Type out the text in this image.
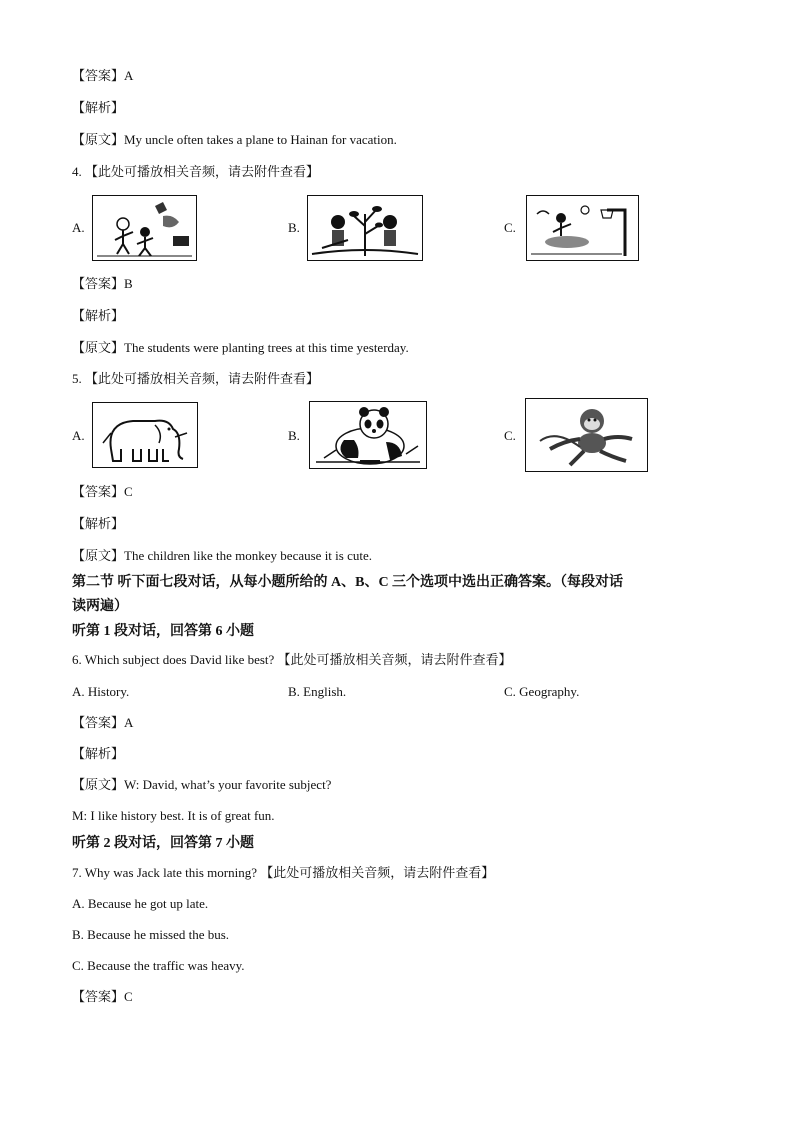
【答案】A
【解析】
【原文】My uncle often takes a plane to Hainan for vacation.
4. 【此处可播放相关音频，请去附件查看】
A.	B.	C.
【答案】B
【解析】
【原文】The students were planting trees at this time yesterday.
5. 【此处可播放相关音频，请去附件查看】
A.	B.	C.
【答案】C
【解析】
【原文】The children like the monkey because it is cute.
第二节 听下面七段对话，从每小题所给的 A、B、C 三个选项中选出正确答案。（每段对话
读两遍）
听第 1 段对话，回答第 6 小题
6. Which subject does David like best? 【此处可播放相关音频，请去附件查看】
A. History.	B. English.	C. Geography.
【答案】A
【解析】
【原文】W: David, what’s your favorite subject?
M: I like history best. It is of great fun.
听第 2 段对话，回答第 7 小题
7. Why was Jack late this morning? 【此处可播放相关音频，请去附件查看】
A. Because he got up late.
B. Because he missed the bus.
C. Because the traffic was heavy.
【答案】C
